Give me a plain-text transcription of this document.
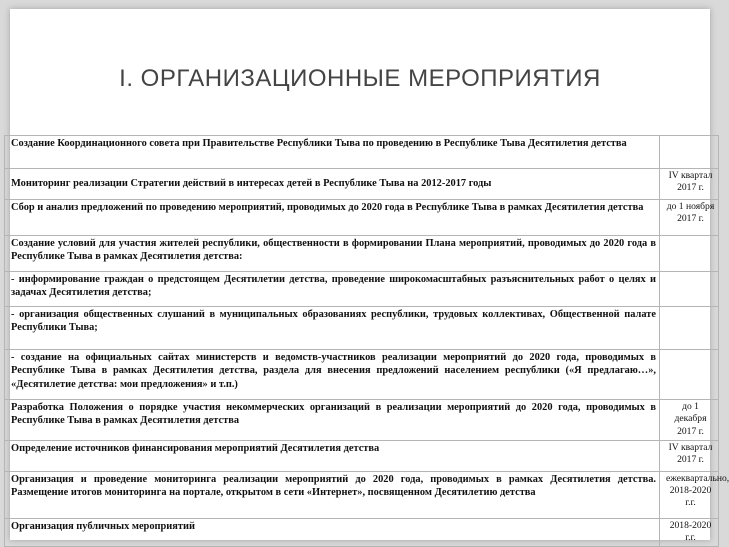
I. ОРГАНИЗАЦИОННЫЕ МЕРОПРИЯТИЯ
Создание Координационного совета при Правительстве Республики Тыва по проведению в Республике Тыва Десятилетия детства	
Мониторинг реализации Стратегии действий в интересах детей в Республике Тыва на 2012-2017 годы	IV квартал 2017 г.
Сбор и анализ предложений по проведению мероприятий, проводимых до 2020 года в Республике Тыва в рамках Десятилетия детства	до 1 ноября 2017 г.
Создание условий для участия жителей республики, общественности в формировании Плана мероприятий, проводимых до 2020 года в Республике Тыва в рамках Десятилетия детства:	
- информирование граждан о предстоящем Десятилетии детства, проведение широкомасштабных разъяснительных работ о целях и задачах Десятилетия детства;	
- организация общественных слушаний в муниципальных образованиях республики, трудовых коллективах, Общественной палате Республики Тыва;	
- создание на официальных сайтах министерств и ведомств-участников реализации мероприятий до 2020 года, проводимых в Республике Тыва в рамках Десятилетия детства, раздела для внесения предложений населением республики («Я предлагаю…», «Десятилетие детства: мои предложения» и т.п.)	
Разработка Положения о порядке участия некоммерческих организаций в реализации мероприятий до 2020 года, проводимых в Республике Тыва в рамках Десятилетия детства	до 1 декабря 2017 г.
Определение источников финансирования мероприятий Десятилетия детства	IV квартал 2017 г.
Организация и проведение мониторинга реализации мероприятий до 2020 года, проводимых в рамках Десятилетия детства. Размещение итогов мониторинга на портале, открытом в сети «Интернет», посвященном Десятилетию детства	ежеквартально, 2018-2020 г.г.
Организация публичных мероприятий	2018-2020 г.г.
